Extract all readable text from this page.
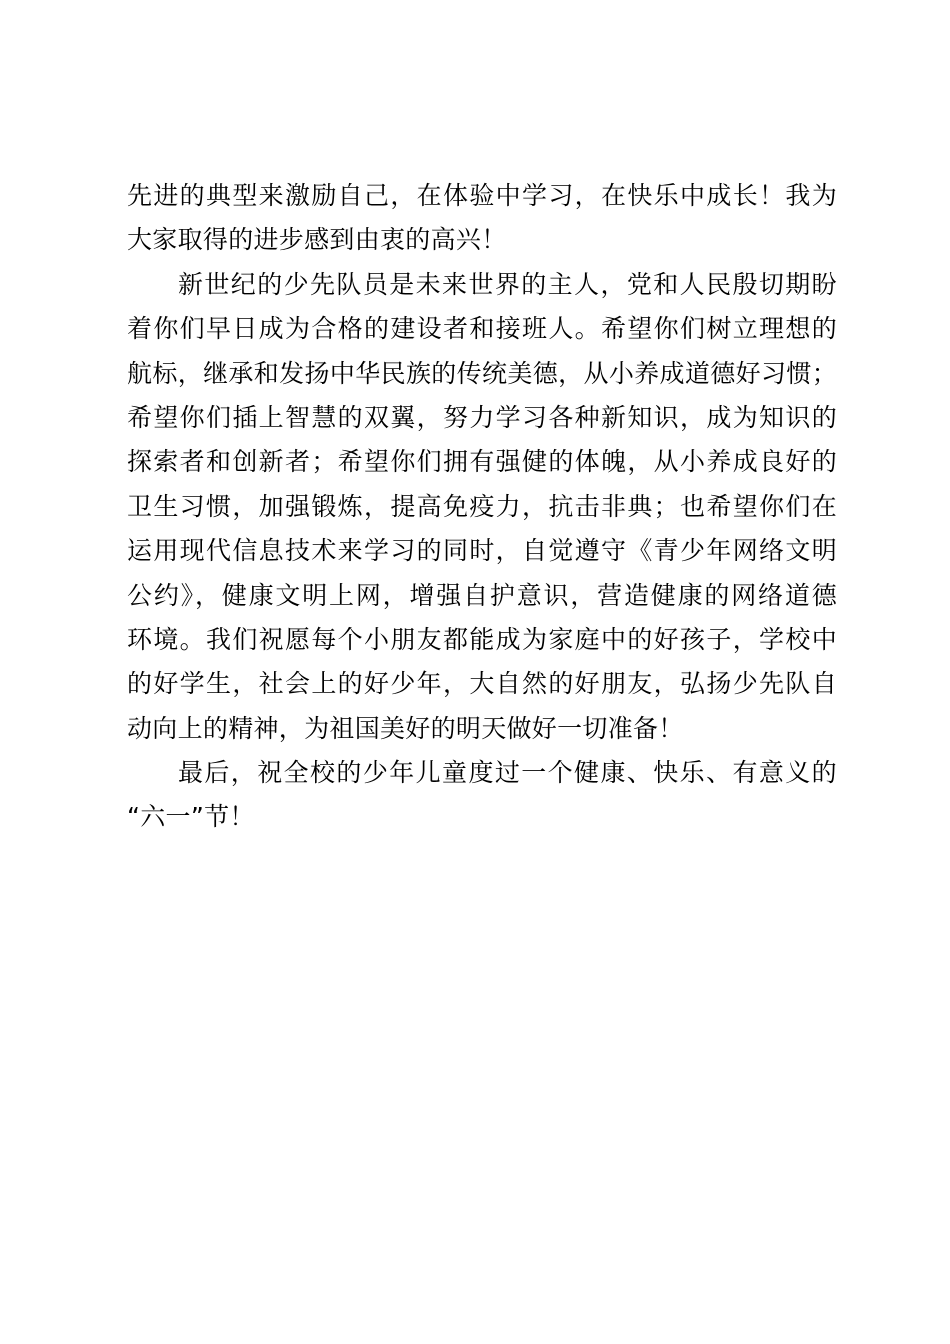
先进的典型来激励自己，在体验中学习，在快乐中成长！我为
大家取得的进步感到由衷的高兴！
新世纪的少先队员是未来世界的主人，党和人民殷切期盼
着你们早日成为合格的建设者和接班人。希望你们树立理想的
航标，继承和发扬中华民族的传统美德，从小养成道德好习惯；
希望你们插上智慧的双翼，努力学习各种新知识，成为知识的
探索者和创新者；希望你们拥有强健的体魄，从小养成良好的
卫生习惯，加强锻炼，提高免疫力，抗击非典；也希望你们在
运用现代信息技术来学习的同时，自觉遵守《青少年网络文明
公约》，健康文明上网，增强自护意识，营造健康的网络道德
环境。我们祝愿每个小朋友都能成为家庭中的好孩子，学校中
的好学生，社会上的好少年，大自然的好朋友，弘扬少先队自
动向上的精神，为祖国美好的明天做好一切准备！
最后，祝全校的少年儿童度过一个健康、快乐、有意义的
“六一”节！
